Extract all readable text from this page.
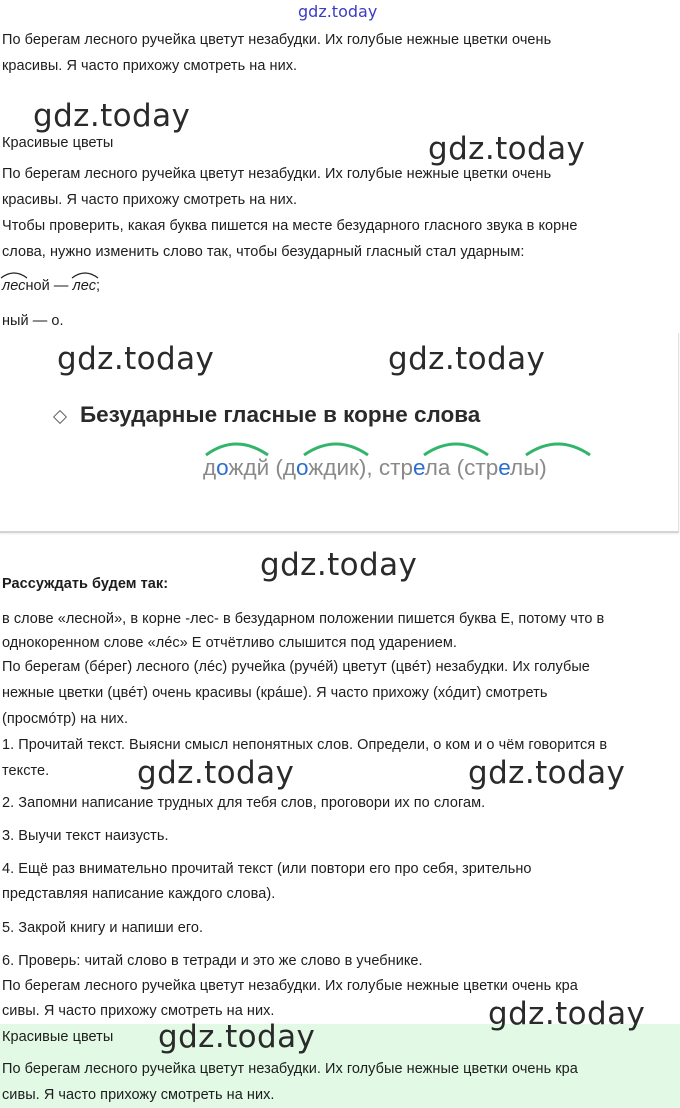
gdz.today
По берегам лесного ручейка цветут незабудки. Их голубые нежные цветки очень
красивы. Я часто прихожу смотреть на них.
gdz.today
Красивые цветы	gdz.today
По берегам лесного ручейка цветут незабудки. Их голубые нежные цветки очень
красивы. Я часто прихожу смотреть на них.
Чтобы проверить, какая буква пишется на месте безударного гласного звука в корне
слова, нужно изменить слово так, чтобы безударный гласный стал ударным:
лесной — лес;
ный — о.
gdz.today	gdz.today
Безударные гласные в корне слова
дождй (дождик), стрела (стрелы)
gdz.today
Рассуждать будем так:
в слове «лесной», в корне -лес- в безударном положении пишется буква Е, потому что в
однокоренном слове «лéс» Е отчётливо слышится под ударением.
По берегам (бéрег) лесного (лéс) ручейка (ручéй) цветут (цвéт) незабудки. Их голубые
нежные цветки (цвéт) очень красивы (крáше). Я часто прихожу (хóдит) смотреть
(просмóтр) на них.
1. Прочитай текст. Выясни смысл непонятных слов. Определи, о ком и о чём говорится в
тексте.	gdz.today	gdz.today
2. Запомни написание трудных для тебя слов, проговори их по слогам.
3. Выучи текст наизусть.
4. Ещё раз внимательно прочитай текст (или повтори его про себя, зрительно
представляя написание каждого слова).
5. Закрой книгу и напиши его.
6. Проверь: читай слово в тетради и это же слово в учебнике.
По берегам лесного ручейка цветут незабудки. Их голубые нежные цветки очень кра
сивы. Я часто прихожу смотреть на них.
Красивые цветы
По берегам лесного ручейка цветут незабудки. Их голубые нежные цветки очень кра
сивы. Я часто прихожу смотреть на них.
gdz.today
gdz.today
